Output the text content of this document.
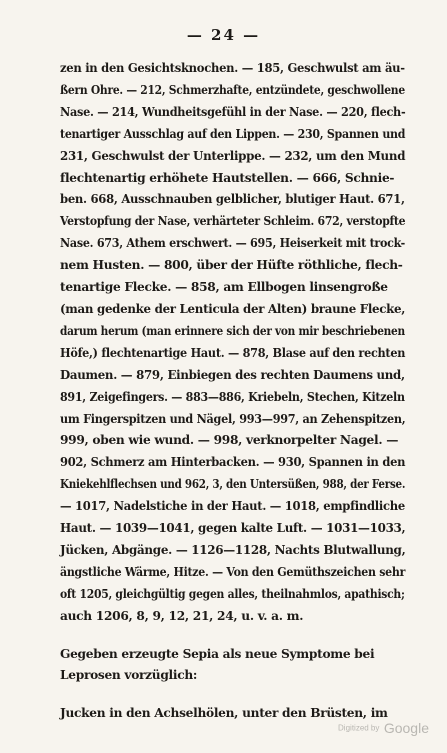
— 24 —
zen in den Gesichtsknochen. — 185, Geschwulst am äu-
ßern Ohre. — 212, Schmerzhafte, entzündete, geschwollene
Nase. — 214, Wundheitsgefühl in der Nase. — 220, flech-
tenartiger Ausschlag auf den Lippen. — 230, Spannen und
231, Geschwulst der Unterlippe. — 232, um den Mund
flechtenartig erhöhete Hautstellen. — 666, Schnie-
ben. 668, Ausschnauben gelblicher, blutiger Haut. 671,
Verstopfung der Nase, verhärteter Schleim. 672, verstopfte
Nase. 673, Athem erschwert. — 695, Heiserkeit mit trock-
nem Husten. — 800, über der Hüfte röthliche, flech-
tenartige Flecke. — 858, am Ellbogen linsengroße
(man gedenke der Lenticula der Alten) braune Flecke,
darum herum (man erinnere sich der von mir beschriebenen
Höfe,) flechtenartige Haut. — 878, Blase auf den rechten
Daumen. — 879, Einbiegen des rechten Daumens und,
891, Zeigefingers. — 883—886, Kriebeln, Stechen, Kitzeln
um Fingerspitzen und Nägel, 993—997, an Zehenspitzen,
999, oben wie wund. — 998, verknorpelter Nagel. —
902, Schmerz am Hinterbacken. — 930, Spannen in den
Kniekehlflechsen und 962, 3, den Untersüßen, 988, der Ferse.
— 1017, Nadelstiche in der Haut. — 1018, empfindliche
Haut. — 1039—1041, gegen kalte Luft. — 1031—1033,
Jücken, Abgänge. — 1126—1128, Nachts Blutwallung,
ängstliche Wärme, Hitze. — Von den Gemüthszeichen sehr
oft 1205, gleichgültig gegen alles, theilnahmlos, apathisch;
auch 1206, 8, 9, 12, 21, 24, u. v. a. m.
Gegeben erzeugte Sepia als neue Symptome bei
Leprosen vorzüglich:
Jucken in den Achselhölen, unter den Brüsten, im
Digitized by Google
